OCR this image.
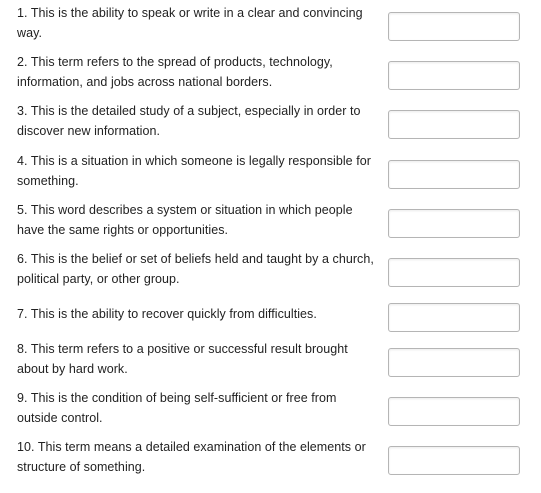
1. This is the ability to speak or write in a clear and convincing way.
2. This term refers to the spread of products, technology, information, and jobs across national borders.
3. This is the detailed study of a subject, especially in order to discover new information.
4. This is a situation in which someone is legally responsible for something.
5. This word describes a system or situation in which people have the same rights or opportunities.
6. This is the belief or set of beliefs held and taught by a church, political party, or other group.
7. This is the ability to recover quickly from difficulties.
8. This term refers to a positive or successful result brought about by hard work.
9. This is the condition of being self-sufficient or free from outside control.
10. This term means a detailed examination of the elements or structure of something.
